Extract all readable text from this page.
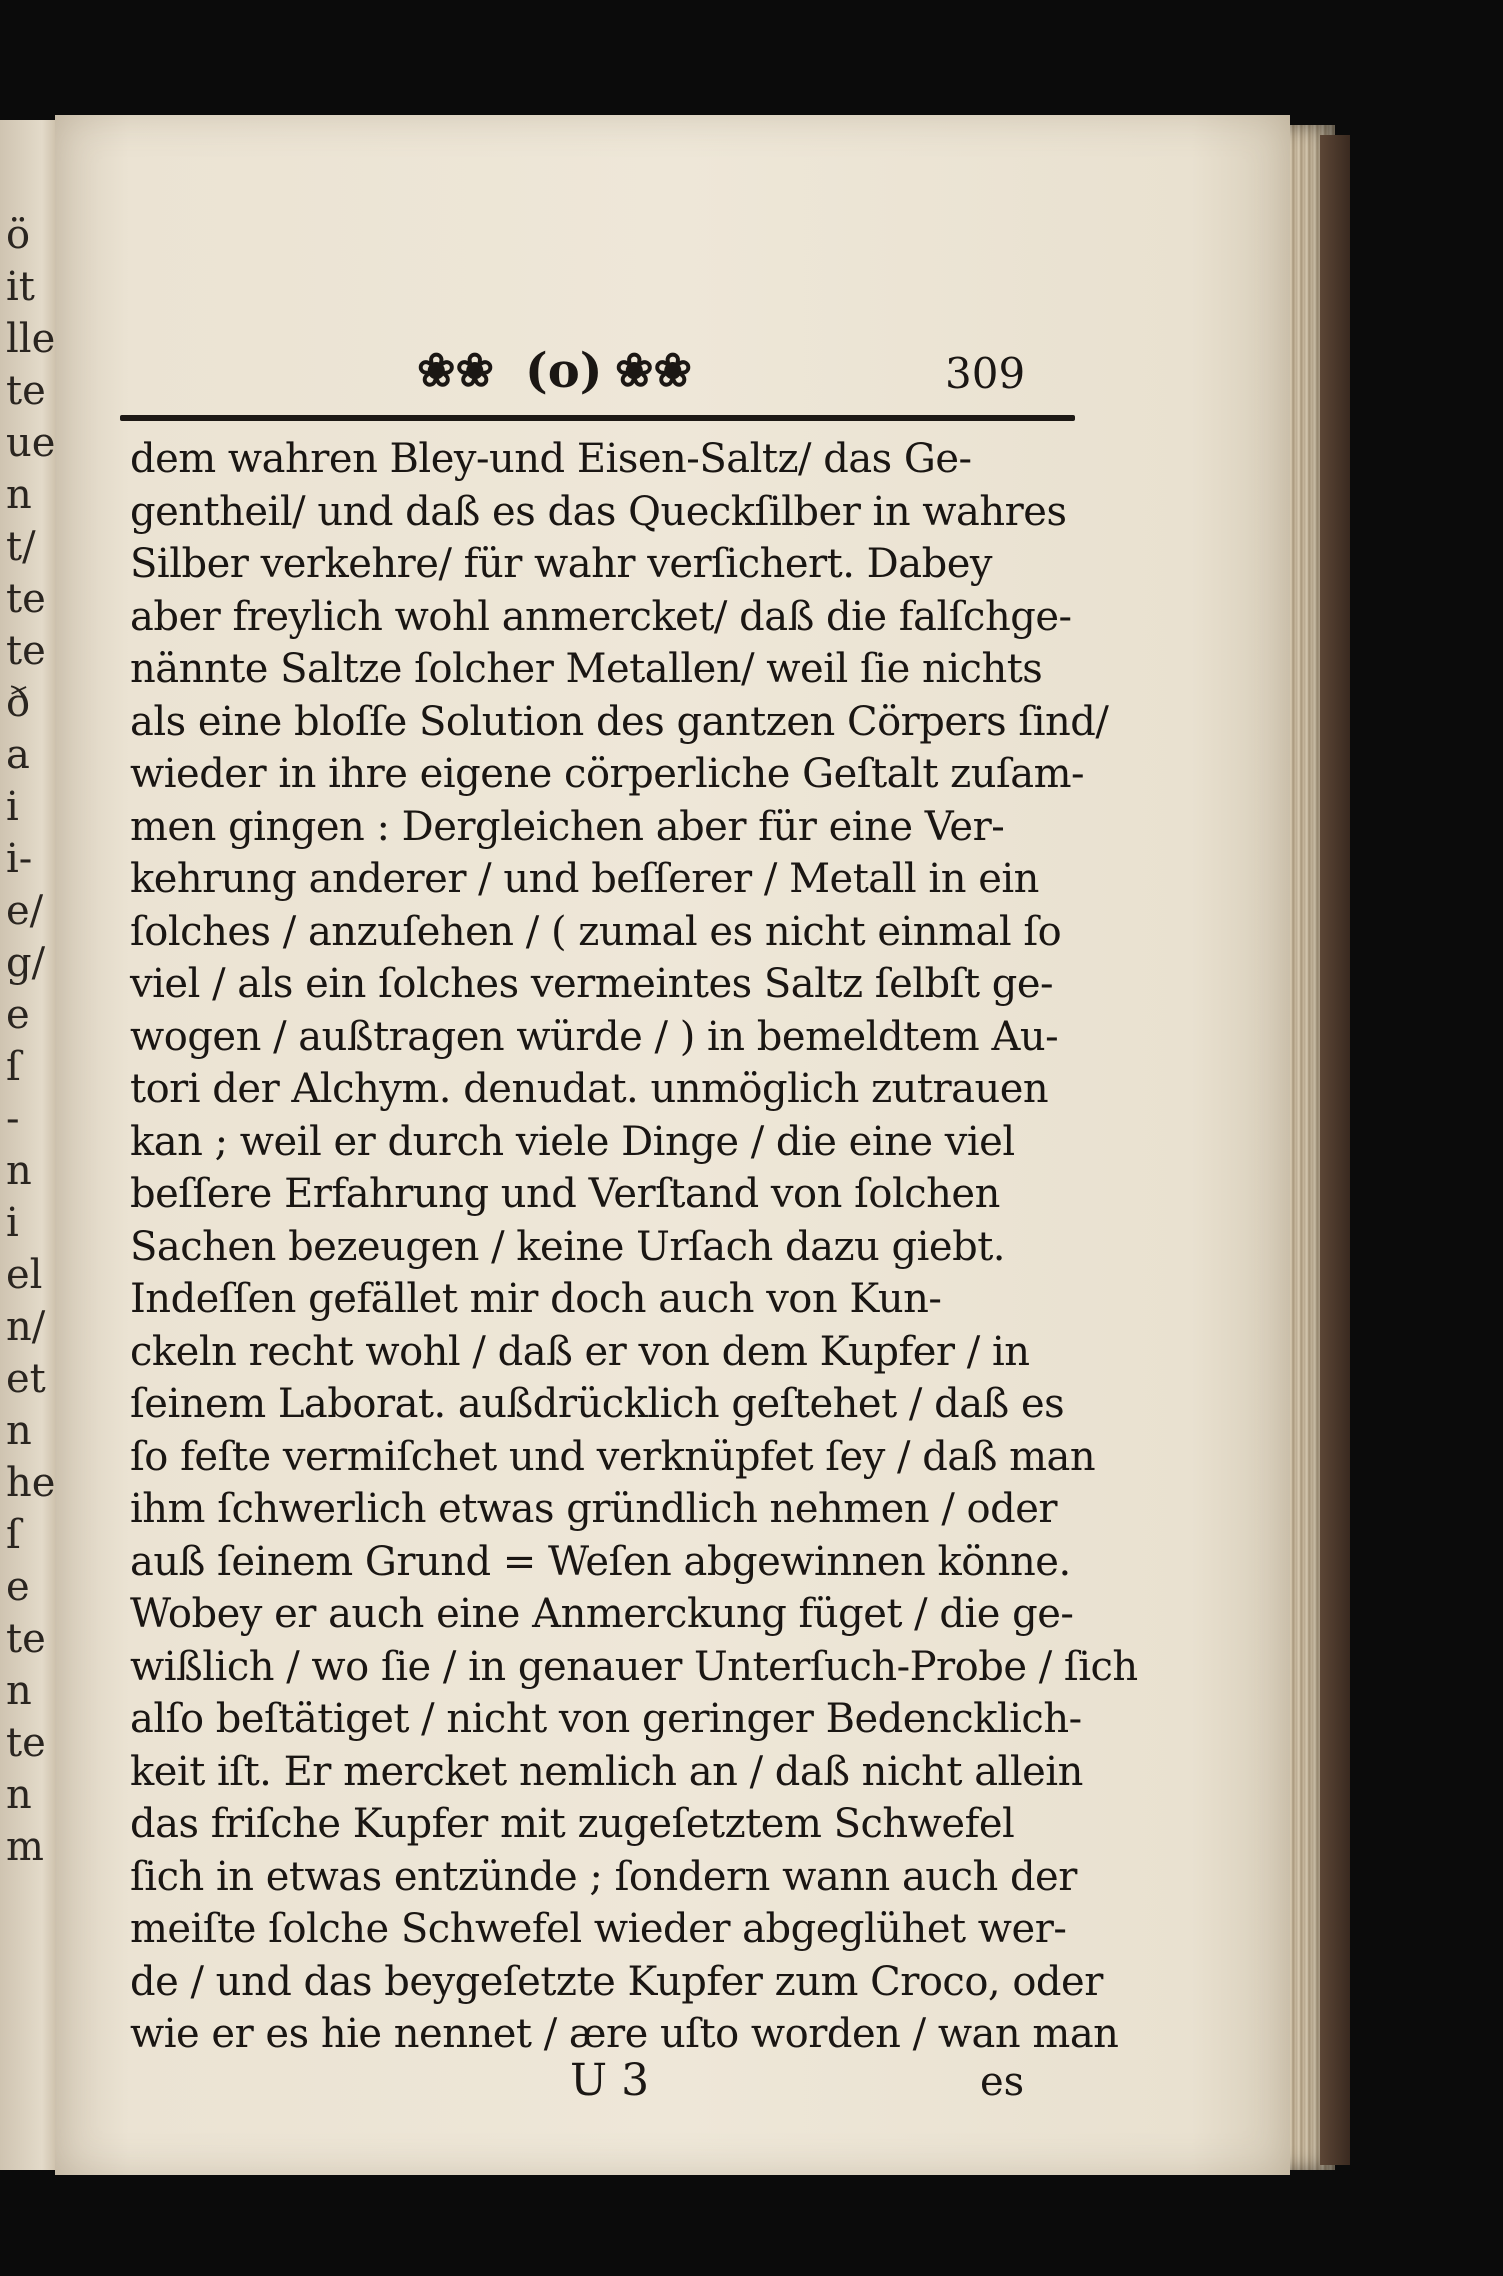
ö
it
lle
te
ue
n
t/
te
te
ð
a
i
i-
e/
g/
e
ſ
-
n
i
el
n/
et
n
he
ſ
e
te
n
te
n
m
❀❀ (o) ❀❀	309
dem wahren Bley-und Eisen-Saltz/ das Ge-
gentheil/ und daß es das Queckſilber in wahres
Silber verkehre/ für wahr verſichert. Dabey
aber freylich wohl anmercket/ daß die falſchge-
nännte Saltze ſolcher Metallen/ weil ſie nichts
als eine bloſſe Solution des gantzen Cörpers ſind/
wieder in ihre eigene cörperliche Geſtalt zuſam-
men gingen : Dergleichen aber für eine Ver-
kehrung anderer / und beſſerer / Metall in ein
ſolches / anzuſehen / ( zumal es nicht einmal ſo
viel / als ein ſolches vermeintes Saltz ſelbſt ge-
wogen / außtragen würde / ) in bemeldtem Au-
tori der Alchym. denudat. unmöglich zutrauen
kan ; weil er durch viele Dinge / die eine viel
beſſere Erfahrung und Verſtand von ſolchen
Sachen bezeugen / keine Urſach dazu giebt.
Indeſſen gefället mir doch auch von Kun-
ckeln recht wohl / daß er von dem Kupfer / in
ſeinem Laborat. außdrücklich geſtehet / daß es
ſo feſte vermiſchet und verknüpfet ſey / daß man
ihm ſchwerlich etwas gründlich nehmen / oder
auß ſeinem Grund = Weſen abgewinnen könne.
Wobey er auch eine Anmerckung füget / die ge-
wißlich / wo ſie / in genauer Unterſuch-Probe / ſich
alſo beſtätiget / nicht von geringer Bedencklich-
keit iſt. Er mercket nemlich an / daß nicht allein
das friſche Kupfer mit zugeſetztem Schwefel
ſich in etwas entzünde ; ſondern wann auch der
meiſte ſolche Schwefel wieder abgeglühet wer-
de / und das beygeſetzte Kupfer zum Croco, oder
wie er es hie nennet / ære uſto worden / wan man
U 3	es
